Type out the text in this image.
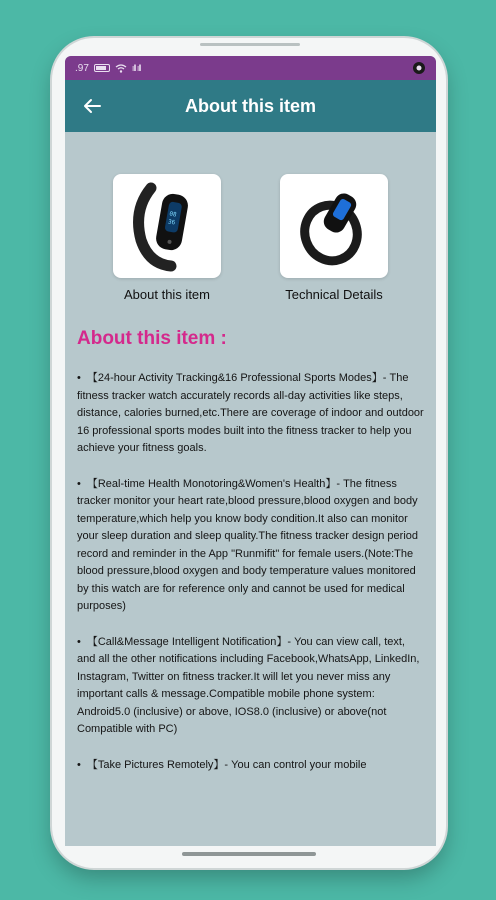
.97	ıll ıll
About this item
08
36
About this item	Technical Details
About this item :

• 【24-hour Activity Tracking&16 Professional Sports Modes】- The fitness tracker watch accurately records all-day activities like steps, distance, calories burned,etc.There are coverage of indoor and outdoor 16 professional sports modes built into the fitness tracker to help you achieve your fitness goals.

• 【Real-time Health Monotoring&Women's Health】- The fitness tracker monitor your heart rate,blood pressure,blood oxygen and body temperature,which help you know body condition.It also can monitor your sleep duration and sleep quality.The fitness tracker design period record and reminder in the App "Runmifit" for female users.(Note:The blood pressure,blood oxygen and body temperature values monitored by this watch are for reference only and cannot be used for medical purposes)

• 【Call&Message Intelligent Notification】- You can view call, text, and all the other notifications including Facebook,WhatsApp, LinkedIn, Instagram, Twitter on fitness tracker.It will let you never miss any important calls & message.Compatible mobile phone system: Android5.0 (inclusive) or above, IOS8.0 (inclusive) or above(not Compatible with PC)

• 【Take Pictures Remotely】- You can control your mobile
